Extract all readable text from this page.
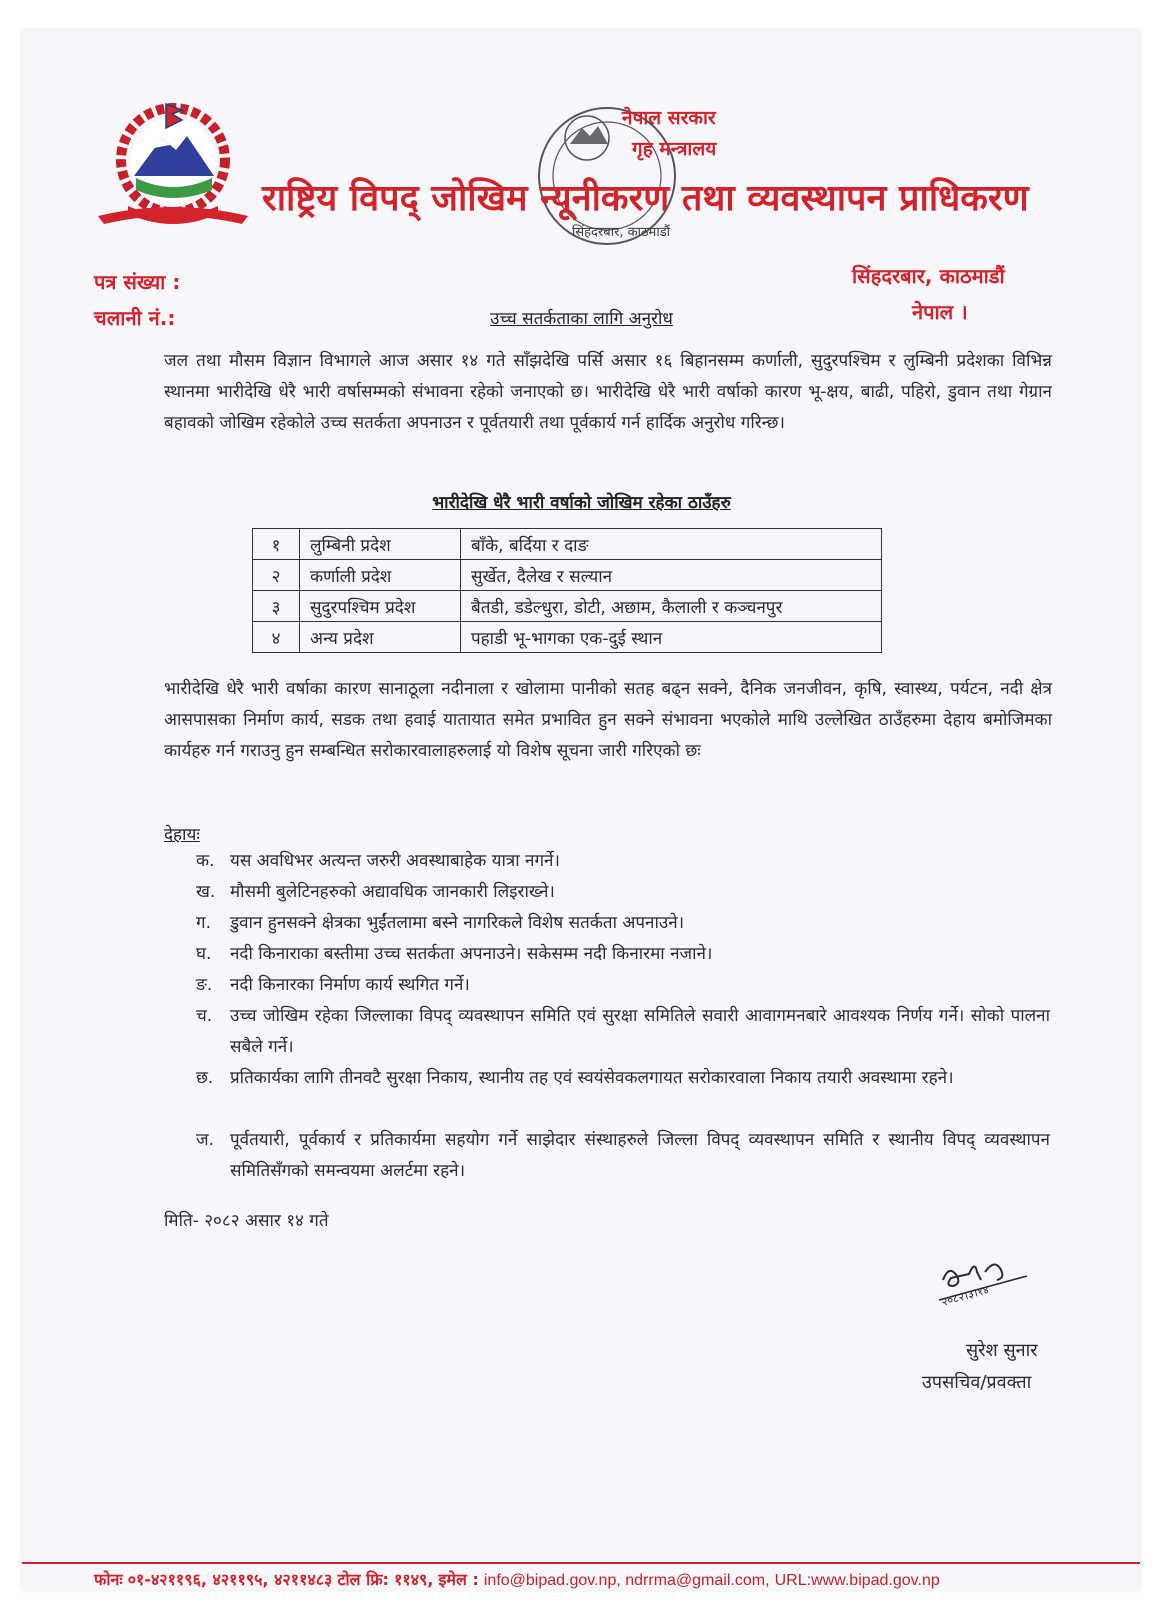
नेपाल सरकार
गृह मन्त्रालय
सिंहदरबार, काठमाडौं
राष्ट्रिय विपद् जोखिम न्यूनीकरण तथा व्यवस्थापन प्राधिकरण
पत्र संख्या :
चलानी नं.:
सिंहदरबार, काठमाडौं
नेपाल ।
उच्च सतर्कताका लागि अनुरोध
जल तथा मौसम विज्ञान विभागले आज असार १४ गते साँझदेखि पर्सि असार १६ बिहानसम्म कर्णाली, सुदुरपश्चिम र लुम्बिनी प्रदेशका विभिन्न स्थानमा भारीदेखि धेरै भारी वर्षासम्मको संभावना रहेको जनाएको छ। भारीदेखि धेरै भारी वर्षाको कारण भू-क्षय, बाढी, पहिरो, डुवान तथा गेग्रान बहावको जोखिम रहेकोले उच्च सतर्कता अपनाउन र पूर्वतयारी तथा पूर्वकार्य गर्न हार्दिक अनुरोध गरिन्छ।
भारीदेखि धेरै भारी वर्षाको जोखिम रहेका ठाउँहरु
१	लुम्बिनी प्रदेश	बाँके, बर्दिया र दाङ
२	कर्णाली प्रदेश	सुर्खेत, दैलेख र सल्यान
३	सुदुरपश्चिम प्रदेश	बैतडी, डडेल्धुरा, डोटी, अछाम, कैलाली र कञ्चनपुर
४	अन्य प्रदेश	पहाडी भू-भागका एक-दुई स्थान
भारीदेखि धेरै भारी वर्षाका कारण सानाठूला नदीनाला र खोलामा पानीको सतह बढ्न सक्ने, दैनिक जनजीवन, कृषि, स्वास्थ्य, पर्यटन, नदी क्षेत्र आसपासका निर्माण कार्य, सडक तथा हवाई यातायात समेत प्रभावित हुन सक्ने संभावना भएकोले माथि उल्लेखित ठाउँहरुमा देहाय बमोजिमका कार्यहरु गर्न गराउनु हुन सम्बन्धित सरोकारवालाहरुलाई यो विशेष सूचना जारी गरिएको छः
देहायः
क. यस अवधिभर अत्यन्त जरुरी अवस्थाबाहेक यात्रा नगर्ने।
ख. मौसमी बुलेटिनहरुको अद्यावधिक जानकारी लिइराख्ने।
ग. डुवान हुनसक्ने क्षेत्रका भुईंतलामा बस्ने नागरिकले विशेष सतर्कता अपनाउने।
घ. नदी किनाराका बस्तीमा उच्च सतर्कता अपनाउने। सकेसम्म नदी किनारमा नजाने।
ङ. नदी किनारका निर्माण कार्य स्थगित गर्ने।
च. उच्च जोखिम रहेका जिल्लाका विपद् व्यवस्थापन समिति एवं सुरक्षा समितिले सवारी आवागमनबारे आवश्यक निर्णय गर्ने। सोको पालना सबैले गर्ने।
छ. प्रतिकार्यका लागि तीनवटै सुरक्षा निकाय, स्थानीय तह एवं स्वयंसेवकलगायत सरोकारवाला निकाय तयारी अवस्थामा रहने।
ज. पूर्वतयारी, पूर्वकार्य र प्रतिकार्यमा सहयोग गर्ने साझेदार संस्थाहरुले जिल्ला विपद् व्यवस्थापन समिति र स्थानीय विपद् व्यवस्थापन समितिसँगको समन्वयमा अलर्टमा रहने।
मिति- २०८२ असार १४ गते
२०८२।३।१४
सुरेश सुनार
उपसचिव/प्रवक्ता
फोनः ०१-४२११९६, ४२११९५, ४२११४८३ टोल फ्रि: ११४९, इमेल : info@bipad.gov.np, ndrrma@gmail.com, URL:www.bipad.gov.np
